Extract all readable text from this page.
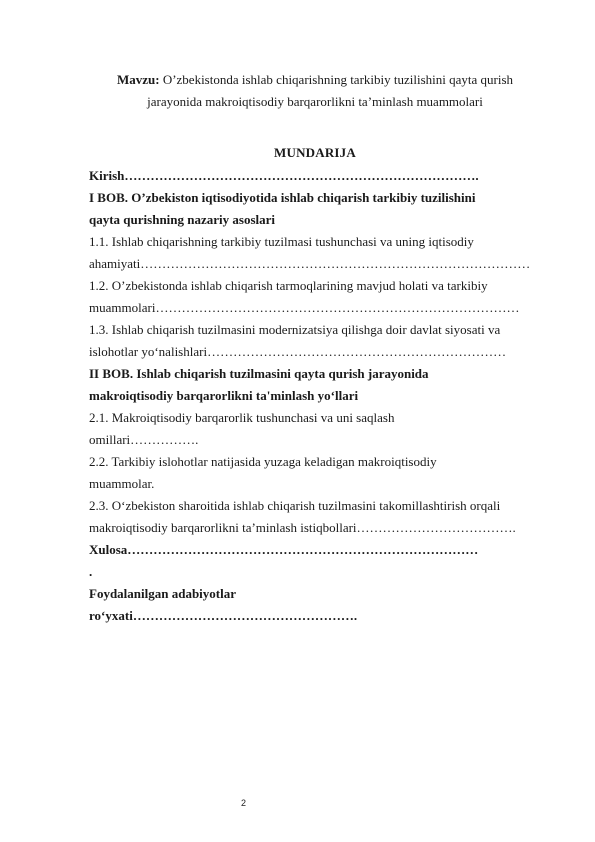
Mavzu: O’zbekistonda ishlab chiqarishning tarkibiy tuzilishini qayta qurish
jarayonida makroiqtisodiy barqarorlikni ta’minlash muammolari
MUNDARIJA
Kirish……………………………………………………………………….
I BOB. O’zbekiston iqtisodiyotida ishlab chiqarish tarkibiy tuzilishini
qayta qurishning nazariy asoslari
1.1. Ishlab chiqarishning tarkibiy tuzilmasi tushunchasi va uning iqtisodiy
ahamiyati………………………………………………………………………………
1.2. O’zbekistonda ishlab chiqarish tarmoqlarining mavjud holati va tarkibiy
muammolari…………………………………………………………………………
1.3. Ishlab chiqarish tuzilmasini modernizatsiya qilishga doir davlat siyosati va
islohotlar yo‘nalishlari……………………………………………………………
II BOB. Ishlab chiqarish tuzilmasini qayta qurish jarayonida
makroiqtisodiy barqarorlikni ta'minlash yo‘llari
2.1. Makroiqtisodiy barqarorlik tushunchasi va uni saqlash
omillari…………….
2.2. Tarkibiy islohotlar natijasida yuzaga keladigan makroiqtisodiy
muammolar.
2.3. O‘zbekiston sharoitida ishlab chiqarish tuzilmasini takomillashtirish orqali
makroiqtisodiy barqarorlikni ta’minlash istiqbollari……………………………….
Xulosa………………………………………………………………………
.
Foydalanilgan adabiyotlar
ro‘yxati…………………………………………….
2
